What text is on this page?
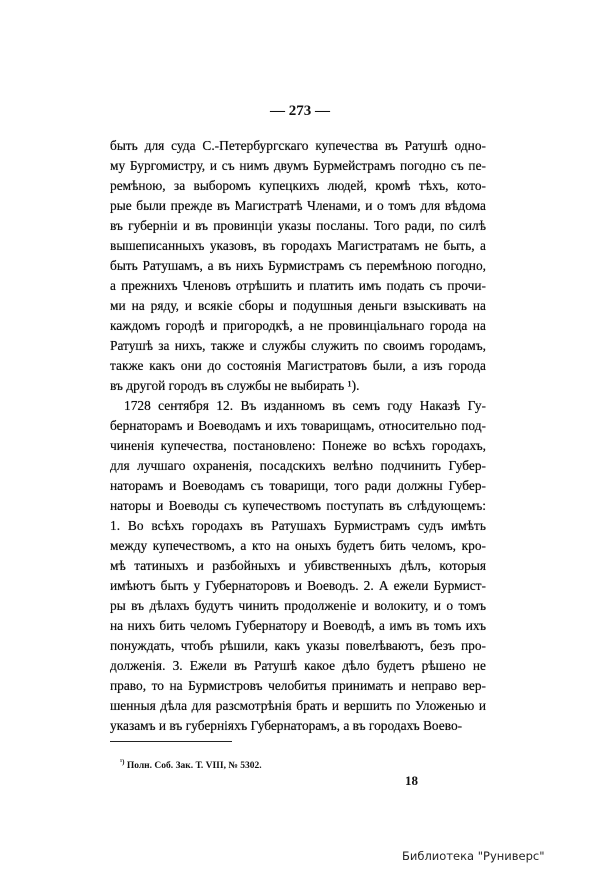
— 273 —
быть для суда С.-Петербургскаго купечества въ Ратушѣ одно-
му Бургомистру, и съ нимъ двумъ Бурмейстрамъ погодно съ пе-
ремѣною, за выборомъ купецкихъ людей, кромѣ тѣхъ, кото-
рые были прежде въ Магистратѣ Членами, и о томъ для вѣдома
въ губерніи и въ провинціи указы посланы. Того ради, по силѣ
вышеписанныхъ указовъ, въ городахъ Магистратамъ не быть, а
быть Ратушамъ, а въ нихъ Бурмистрамъ съ перемѣною погодно,
а прежнихъ Членовъ отрѣшить и платить имъ подать съ прочи-
ми на ряду, и всякіе сборы и подушныя деньги взыскивать на
каждомъ городѣ и пригородкѣ, а не провинціальнаго города на
Ратушѣ за нихъ, также и службы служить по своимъ городамъ,
также какъ они до состоянія Магистратовъ были, а изъ города
въ другой городъ въ службы не выбирать ¹).
1728 сентября 12. Въ изданномъ въ семъ году Наказѣ Гу-
бернаторамъ и Воеводамъ и ихъ товарищамъ, относительно под-
чиненія купечества, постановлено: Понеже во всѣхъ городахъ,
для лучшаго охраненія, посадскихъ велѣно подчинить Губер-
наторамъ и Воеводамъ съ товарищи, того ради должны Губер-
наторы и Воеводы съ купечествомъ поступать въ слѣдующемъ:
1. Во всѣхъ городахъ въ Ратушахъ Бурмистрамъ судъ имѣть
между купечествомъ, а кто на оныхъ будетъ бить челомъ, кро-
мѣ татиныхъ и разбойныхъ и убивственныхъ дѣлъ, которыя
имѣютъ быть у Губернаторовъ и Воеводъ. 2. А ежели Бурмист-
ры въ дѣлахъ будутъ чинить продолженіе и волокиту, и о томъ
на нихъ бить челомъ Губернатору и Воеводѣ, а имъ въ томъ ихъ
понуждать, чтобъ рѣшили, какъ указы повелѣваютъ, безъ про-
долженія. 3. Ежели въ Ратушѣ какое дѣло будетъ рѣшено не
право, то на Бурмистровъ челобитья принимать и неправо вер-
шенныя дѣла для разсмотрѣнія брать и вершить по Уложенью и
указамъ и въ губерніяхъ Губернаторамъ, а въ городахъ Воево-
$^{^1)}$ Полн. Соб. Зак. Т. VIII, № 5302.
18
Библиотека "Руниверс"
